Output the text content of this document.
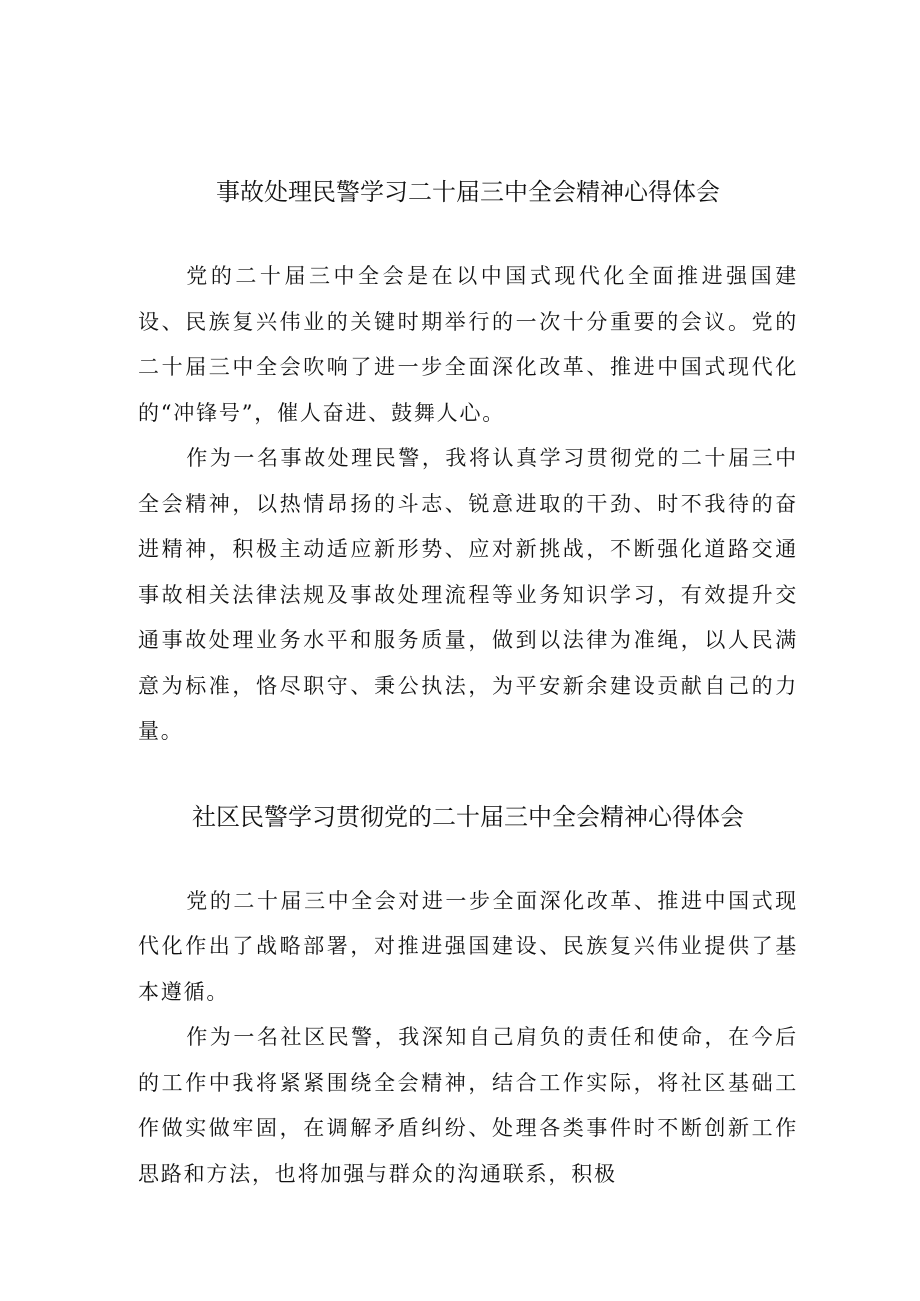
事故处理民警学习二十届三中全会精神心得体会

党的二十届三中全会是在以中国式现代化全面推进强国建设、民族复兴伟业的关键时期举行的一次十分重要的会议。党的二十届三中全会吹响了进一步全面深化改革、推进中国式现代化的“冲锋号”，催人奋进、鼓舞人心。

作为一名事故处理民警，我将认真学习贯彻党的二十届三中全会精神，以热情昂扬的斗志、锐意进取的干劲、时不我待的奋进精神，积极主动适应新形势、应对新挑战，不断强化道路交通事故相关法律法规及事故处理流程等业务知识学习，有效提升交通事故处理业务水平和服务质量，做到以法律为准绳，以人民满意为标准，恪尽职守、秉公执法，为平安新余建设贡献自己的力量。

社区民警学习贯彻党的二十届三中全会精神心得体会

党的二十届三中全会对进一步全面深化改革、推进中国式现代化作出了战略部署，对推进强国建设、民族复兴伟业提供了基本遵循。

作为一名社区民警，我深知自己肩负的责任和使命，在今后的工作中我将紧紧围绕全会精神，结合工作实际，将社区基础工作做实做牢固，在调解矛盾纠纷、处理各类事件时不断创新工作思路和方法，也将加强与群众的沟通联系，积极
